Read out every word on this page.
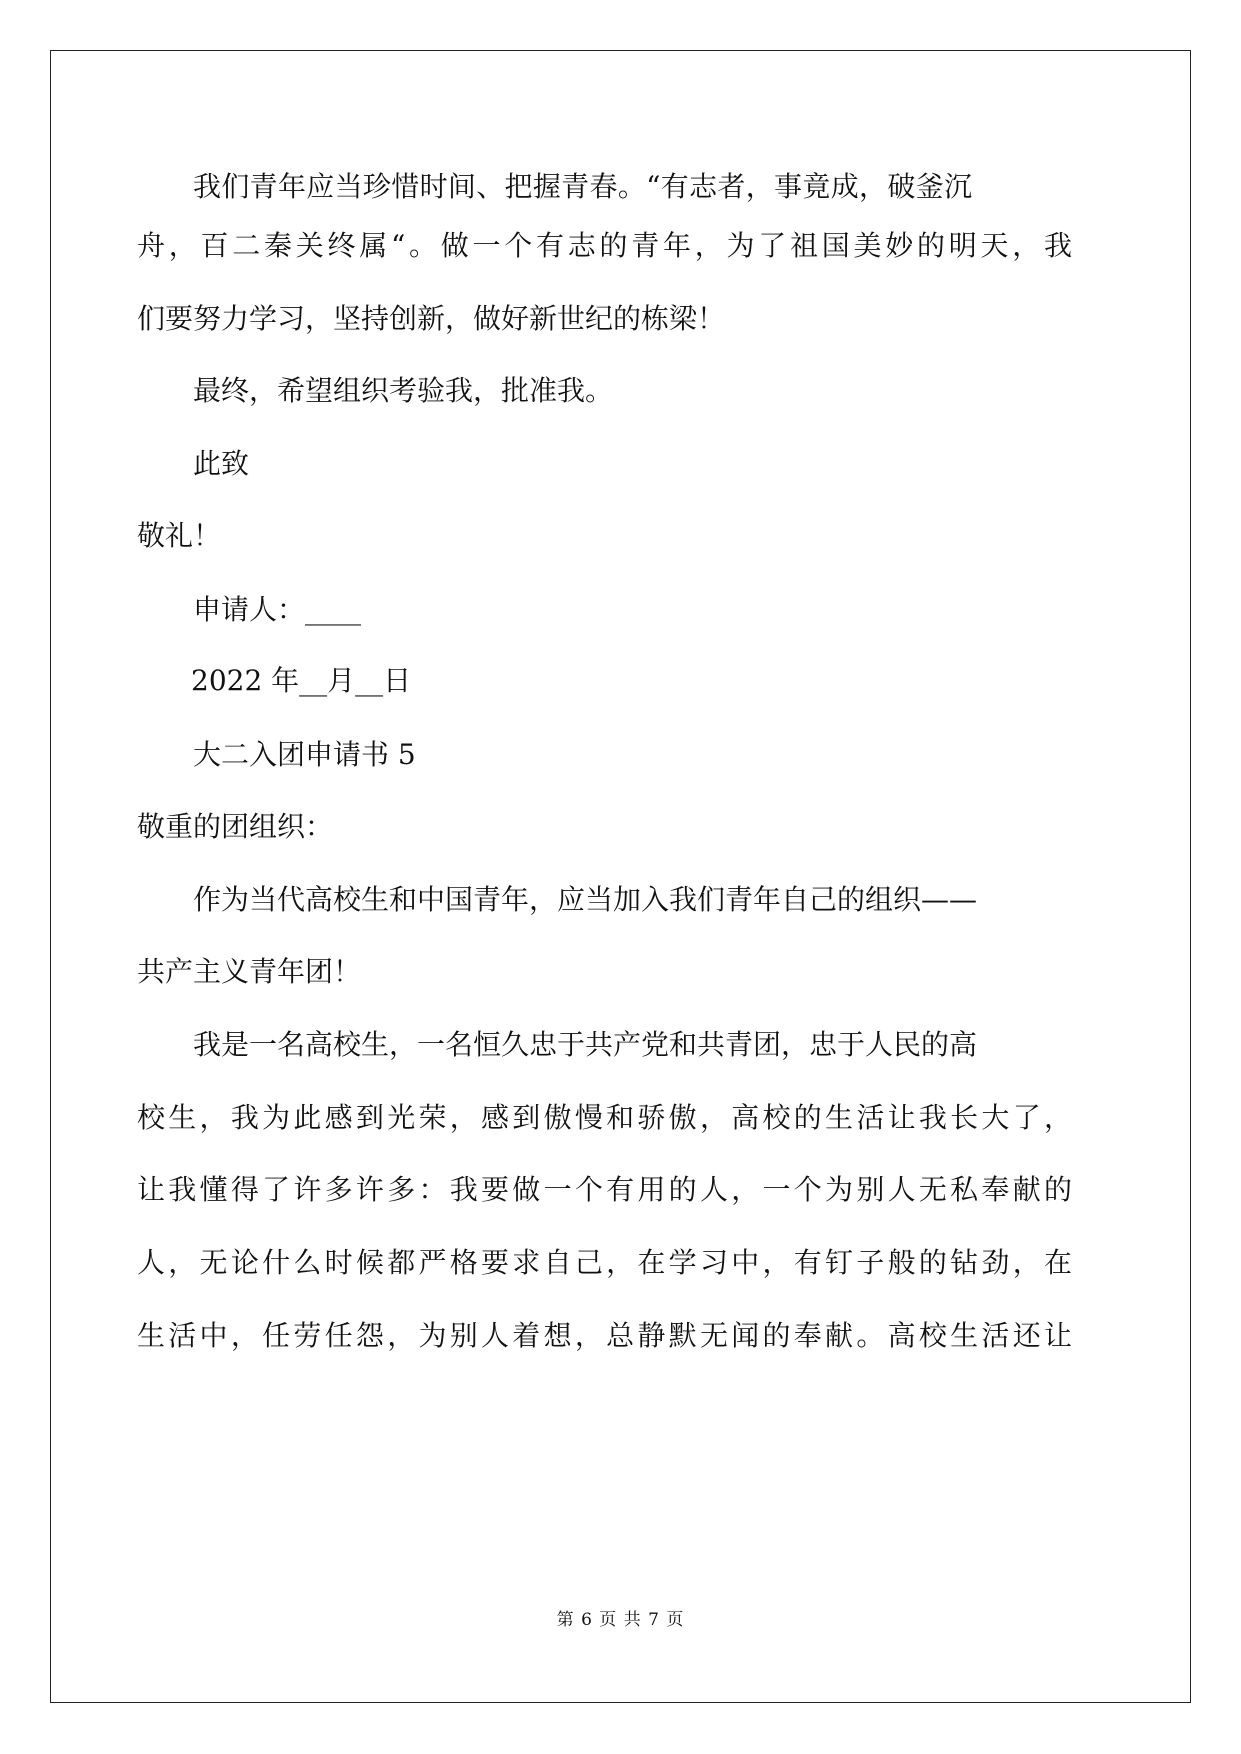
我们青年应当珍惜时间、把握青春。“有志者，事竟成，破釜沉
舟，百二秦关终属“。做一个有志的青年，为了祖国美妙的明天，我
们要努力学习，坚持创新，做好新世纪的栋梁！
最终，希望组织考验我，批准我。
此致
敬礼！
申请人：____
2022 年__月__日
大二入团申请书 5
敬重的团组织：
作为当代高校生和中国青年，应当加入我们青年自己的组织——
共产主义青年团！
我是一名高校生，一名恒久忠于共产党和共青团，忠于人民的高
校生，我为此感到光荣，感到傲慢和骄傲，高校的生活让我长大了，
让我懂得了许多许多：我要做一个有用的人，一个为别人无私奉献的
人，无论什么时候都严格要求自己，在学习中，有钉子般的钻劲，在
生活中，任劳任怨，为别人着想，总静默无闻的奉献。高校生活还让
第 6 页 共 7 页
